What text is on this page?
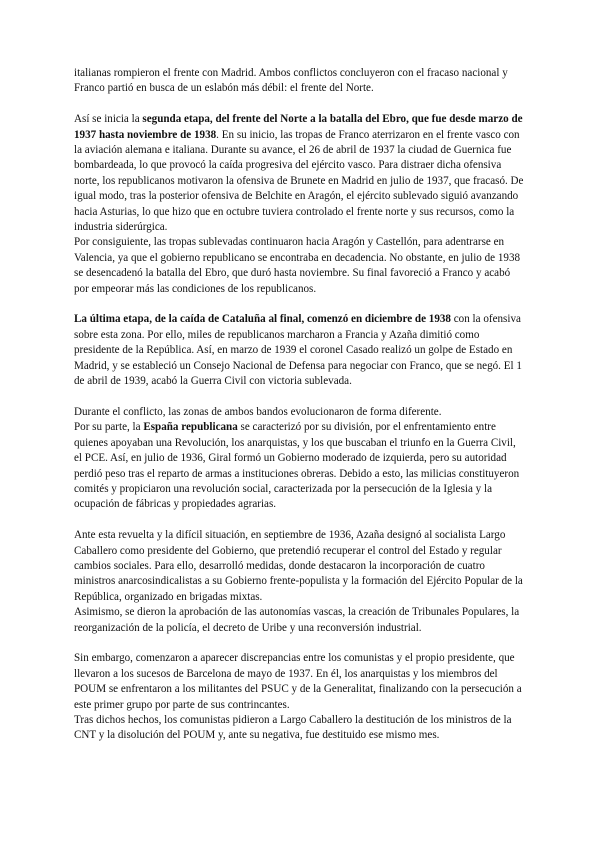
italianas rompieron el frente con Madrid. Ambos conflictos concluyeron con el fracaso nacional y Franco partió en busca de un eslabón más débil: el frente del Norte.

Así se inicia la segunda etapa, del frente del Norte a la batalla del Ebro, que fue desde marzo de 1937 hasta noviembre de 1938. En su inicio, las tropas de Franco aterrizaron en el frente vasco con la aviación alemana e italiana. Durante su avance, el 26 de abril de 1937 la ciudad de Guernica fue bombardeada, lo que provocó la caída progresiva del ejército vasco. Para distraer dicha ofensiva norte, los republicanos motivaron la ofensiva de Brunete en Madrid en julio de 1937, que fracasó. De igual modo, tras la posterior ofensiva de Belchite en Aragón, el ejército sublevado siguió avanzando hacia Asturias, lo que hizo que en octubre tuviera controlado el frente norte y sus recursos, como la industria siderúrgica.

Por consiguiente, las tropas sublevadas continuaron hacia Aragón y Castellón, para adentrarse en Valencia, ya que el gobierno republicano se encontraba en decadencia. No obstante, en julio de 1938 se desencadenó la batalla del Ebro, que duró hasta noviembre. Su final favoreció a Franco y acabó por empeorar más las condiciones de los republicanos.

La última etapa, de la caída de Cataluña al final, comenzó en diciembre de 1938 con la ofensiva sobre esta zona. Por ello, miles de republicanos marcharon a Francia y Azaña dimitió como presidente de la República. Así, en marzo de 1939 el coronel Casado realizó un golpe de Estado en Madrid, y se estableció un Consejo Nacional de Defensa para negociar con Franco, que se negó. El 1 de abril de 1939, acabó la Guerra Civil con victoria sublevada.

Durante el conflicto, las zonas de ambos bandos evolucionaron de forma diferente.

Por su parte, la España republicana se caracterizó por su división, por el enfrentamiento entre quienes apoyaban una Revolución, los anarquistas, y los que buscaban el triunfo en la Guerra Civil, el PCE. Así, en julio de 1936, Giral formó un Gobierno moderado de izquierda, pero su autoridad perdió peso tras el reparto de armas a instituciones obreras. Debido a esto, las milicias constituyeron comités y propiciaron una revolución social, caracterizada por la persecución de la Iglesia y la ocupación de fábricas y propiedades agrarias.

Ante esta revuelta y la difícil situación, en septiembre de 1936, Azaña designó al socialista Largo Caballero como presidente del Gobierno, que pretendió recuperar el control del Estado y regular cambios sociales. Para ello, desarrolló medidas, donde destacaron la incorporación de cuatro ministros anarcosindicalistas a su Gobierno frente-populista y la formación del Ejército Popular de la República, organizado en brigadas mixtas.

Asimismo, se dieron la aprobación de las autonomías vascas, la creación de Tribunales Populares, la reorganización de la policía, el decreto de Uribe y una reconversión industrial.

Sin embargo, comenzaron a aparecer discrepancias entre los comunistas y el propio presidente, que llevaron a los sucesos de Barcelona de mayo de 1937. En él, los anarquistas y los miembros del POUM se enfrentaron a los militantes del PSUC y de la Generalitat, finalizando con la persecución a este primer grupo por parte de sus contrincantes.

Tras dichos hechos, los comunistas pidieron a Largo Caballero la destitución de los ministros de la CNT y la disolución del POUM y, ante su negativa, fue destituido ese mismo mes.
